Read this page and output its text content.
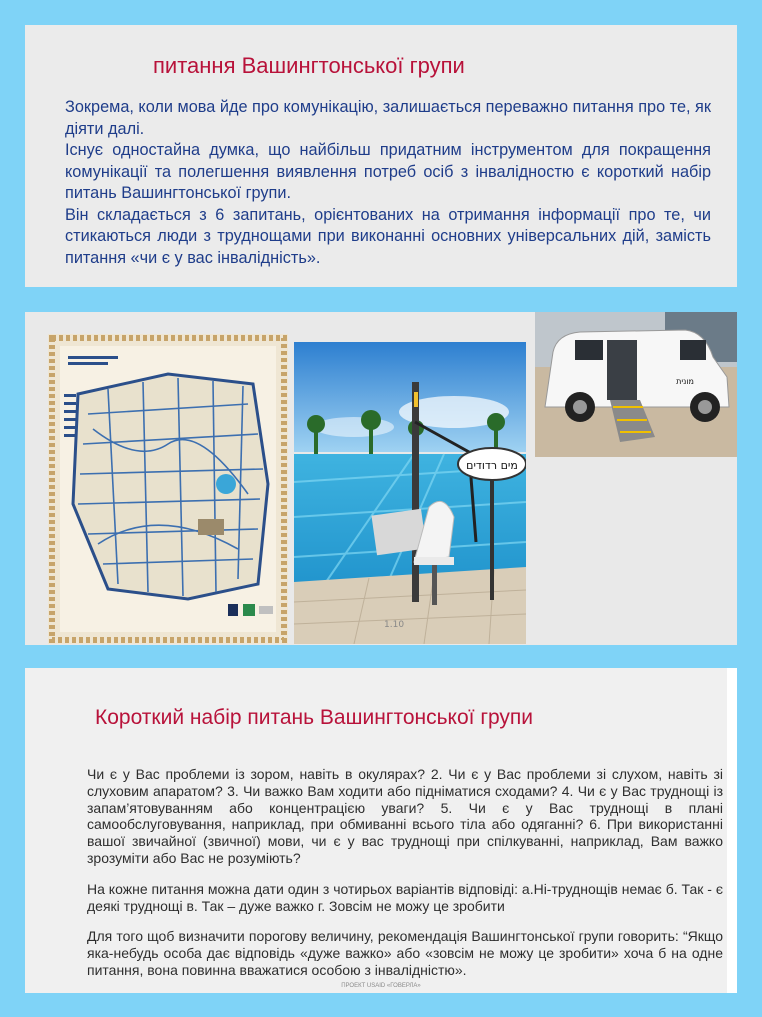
питання Вашингтонської групи
Зокрема, коли мова йде про комунікацію, залишається переважно питання про те, як діяти далі.
Існує одностайна думка, що найбільш придатним інструментом для покращення комунікації та полегшення виявлення потреб осіб з інвалідностю є короткий набір питань Вашингтонської групи.
Він складається з 6 запитань, орієнтованих на отримання інформації про те, чи стикаються люди з труднощами при виконанні основних універсальних дій, замість питання «чи є у вас інвалідність».
מים רדודים
1.10
מונית
Короткий набір питань Вашингтонської групи

Чи є у Вас проблеми із зором, навіть в окулярах? 2. Чи є у Вас проблеми зі слухом, навіть зі слуховим апаратом? 3. Чи важко Вам ходити або підніматися сходами? 4. Чи є у Вас труднощі із запам’ятовуванням або концентрацією уваги? 5. Чи є у Вас труднощі в плані самообслуговування, наприклад, при обмиванні всього тіла або одяганні? 6. При використанні вашої звичайної (звичної) мови, чи є у вас труднощі при спілкуванні, наприклад, Вам важко зрозуміти або Вас не розуміють?

На кожне питання можна дати один з чотирьох варіантів відповіді: а.Ні-труднощів немає б. Так - є деякі труднощі в. Так – дуже важко г. Зовсім не можу це зробити

Для того щоб визначити порогову величину, рекомендація Вашингтонської групи говорить: “Якщо яка-небудь особа дає відповідь «дуже важко» або «зовсім не можу це зробити» хоча б на одне питання, вона повинна вважатися особою з інвалідністю».

ПРОЕКТ USAID «ГОВЕРЛА»
